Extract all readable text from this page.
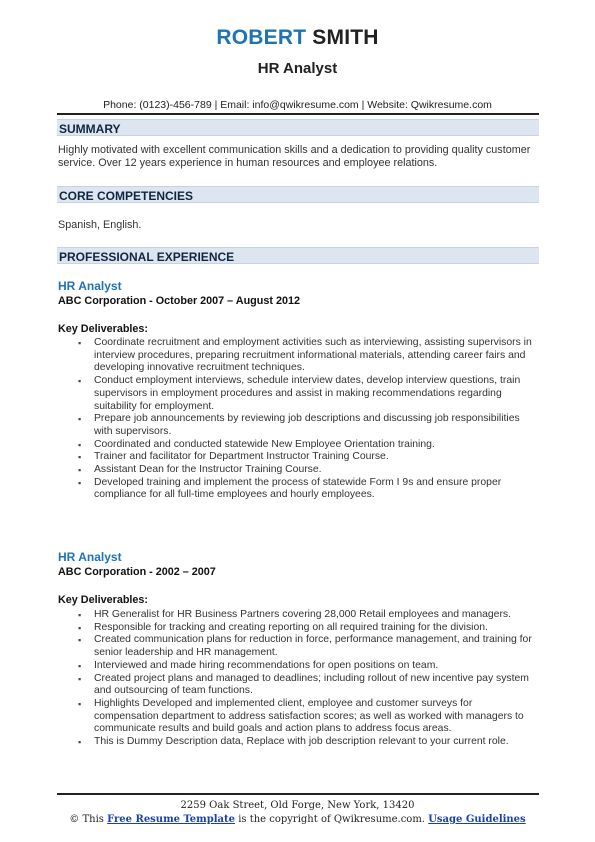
ROBERT SMITH
HR Analyst
Phone: (0123)-456-789 | Email: info@qwikresume.com | Website: Qwikresume.com
SUMMARY

Highly motivated with excellent communication skills and a dedication to providing quality customer service. Over 12 years experience in human resources and employee relations.

CORE COMPETENCIES

Spanish, English.

PROFESSIONAL EXPERIENCE
HR Analyst
ABC Corporation - October 2007 – August 2012
Key Deliverables:
▪ Coordinate recruitment and employment activities such as interviewing, assisting supervisors in interview procedures, preparing recruitment informational materials, attending career fairs and developing innovative recruitment techniques.
▪ Conduct employment interviews, schedule interview dates, develop interview questions, train supervisors in employment procedures and assist in making recommendations regarding suitability for employment.
▪ Prepare job announcements by reviewing job descriptions and discussing job responsibilities with supervisors.
▪ Coordinated and conducted statewide New Employee Orientation training.
▪ Trainer and facilitator for Department Instructor Training Course.
▪ Assistant Dean for the Instructor Training Course.
▪ Developed training and implement the process of statewide Form I 9s and ensure proper compliance for all full-time employees and hourly employees.
HR Analyst
ABC Corporation - 2002 – 2007
Key Deliverables:
▪ HR Generalist for HR Business Partners covering 28,000 Retail employees and managers.
▪ Responsible for tracking and creating reporting on all required training for the division.
▪ Created communication plans for reduction in force, performance management, and training for senior leadership and HR management.
▪ Interviewed and made hiring recommendations for open positions on team.
▪ Created project plans and managed to deadlines; including rollout of new incentive pay system and outsourcing of team functions.
▪ Highlights Developed and implemented client, employee and customer surveys for compensation department to address satisfaction scores; as well as worked with managers to communicate results and build goals and action plans to address focus areas.
▪ This is Dummy Description data, Replace with job description relevant to your current role.
2259 Oak Street, Old Forge, New York, 13420
© This Free Resume Template is the copyright of Qwikresume.com. Usage Guidelines
